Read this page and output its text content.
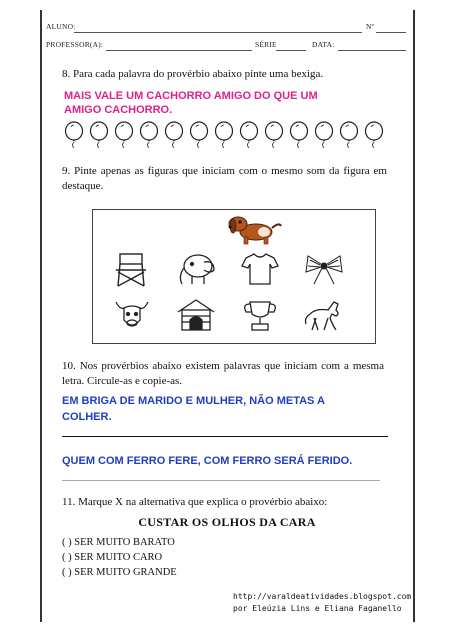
ALUNO:	Nº
PROFESSOR(A):	SÉRIE	DATA:
8. Para cada palavra do provérbio abaixo pinte uma bexiga.
MAIS VALE UM CACHORRO AMIGO DO QUE UM
AMIGO CACHORRO.
9. Pinte apenas as figuras que iniciam com o mesmo som da figura em destaque.
10. Nos provérbios abaixo existem palavras que iniciam com a mesma letra. Circule-as e copie-as.
EM BRIGA DE MARIDO E MULHER, NÃO METAS A
COLHER.
QUEM COM FERRO FERE, COM FERRO SERÁ FERIDO.
11. Marque X na alternativa que explica o provérbio abaixo:
CUSTAR OS OLHOS DA CARA
( ) SER MUITO BARATO
( ) SER MUITO CARO
( ) SER MUITO GRANDE
http://varaldeatividades.blogspot.com
por Eleúzia Lins e Eliana Faganello
